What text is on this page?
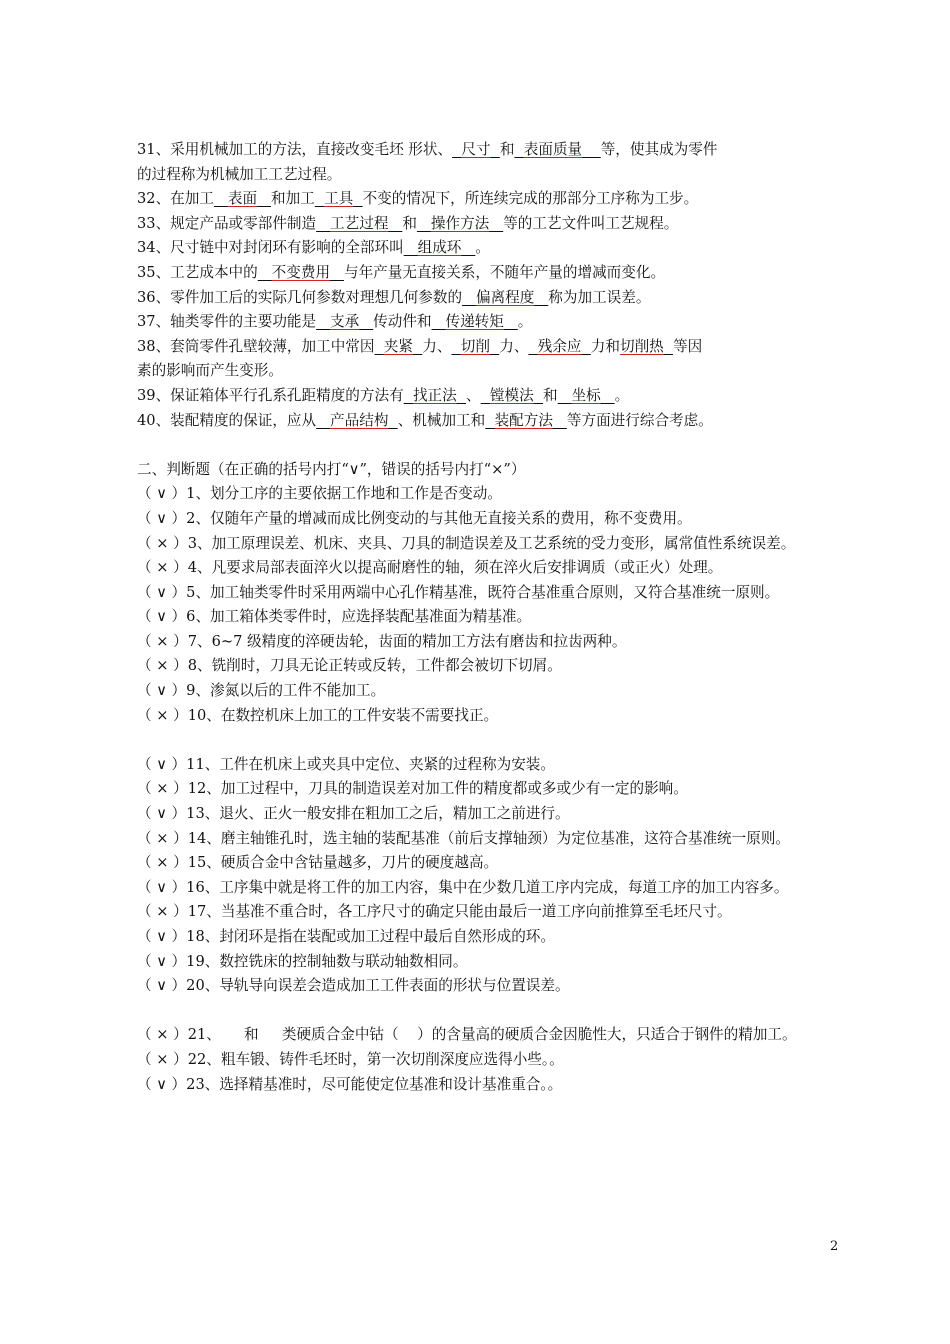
31、采用机械加工的方法，直接改变毛坯 形状、 尺寸 和 表面质量 等，使其成为零件
的过程称为机械加工工艺过程。
32、在加工 表面 和加工 工具 不变的情况下，所连续完成的那部分工序称为工步。
33、规定产品或零部件制造 工艺过程 和 操作方法 等的工艺文件叫工艺规程。
34、尺寸链中对封闭环有影响的全部环叫 组成环 。
35、工艺成本中的 不变费用 与年产量无直接关系，不随年产量的增减而变化。
36、零件加工后的实际几何参数对理想几何参数的 偏离程度 称为加工误差。
37、轴类零件的主要功能是 支承 传动件和 传递转矩 。
38、套筒零件孔壁较薄，加工中常因 夹紧 力、 切削 力、 残余应 力和切削热 等因
素的影响而产生变形。
39、保证箱体平行孔系孔距精度的方法有 找正法 、 镗模法 和 坐标 。
40、装配精度的保证，应从 产品结构 、机械加工和 装配方法 等方面进行综合考虑。
二、判断题（在正确的括号内打“∨”，错误的括号内打“×”）
（ ∨ ）1、划分工序的主要依据工作地和工作是否变动。
（ ∨ ）2、仅随年产量的增减而成比例变动的与其他无直接关系的费用，称不变费用。
（ × ）3、加工原理误差、机床、夹具、刀具的制造误差及工艺系统的受力变形，属常值性系统误差。
（ × ）4、凡要求局部表面淬火以提高耐磨性的轴，须在淬火后安排调质（或正火）处理。
（ ∨ ）5、加工轴类零件时采用两端中心孔作精基准，既符合基准重合原则，又符合基准统一原则。
（ ∨ ）6、加工箱体类零件时，应选择装配基准面为精基准。
（ × ）7、6~7 级精度的淬硬齿轮，齿面的精加工方法有磨齿和拉齿两种。
（ × ）8、铣削时，刀具无论正转或反转，工件都会被切下切屑。
（ ∨ ）9、渗氮以后的工件不能加工。
（ × ）10、在数控机床上加工的工件安装不需要找正。
（ ∨ ）11、工件在机床上或夹具中定位、夹紧的过程称为安装。
（ × ）12、加工过程中，刀具的制造误差对加工件的精度都或多或少有一定的影响。
（ ∨ ）13、退火、正火一般安排在粗加工之后，精加工之前进行。
（ × ）14、磨主轴锥孔时，选主轴的装配基准（前后支撑轴颈）为定位基准，这符合基准统一原则。
（ × ）15、硬质合金中含钴量越多，刀片的硬度越高。
（ ∨ ）16、工序集中就是将工件的加工内容，集中在少数几道工序内完成，每道工序的加工内容多。
（ × ）17、当基准不重合时，各工序尺寸的确定只能由最后一道工序向前推算至毛坯尺寸。
（ ∨ ）18、封闭环是指在装配或加工过程中最后自然形成的环。
（ ∨ ）19、数控铣床的控制轴数与联动轴数相同。
（ ∨ ）20、导轨导向误差会造成加工工件表面的形状与位置误差。
（ × ）21、     和     类硬质合金中钴（    ）的含量高的硬质合金因脆性大，只适合于钢件的精加工。
（ × ）22、粗车锻、铸件毛坯时，第一次切削深度应选得小些。。
（ ∨ ）23、选择精基准时，尽可能使定位基准和设计基准重合。。
2
